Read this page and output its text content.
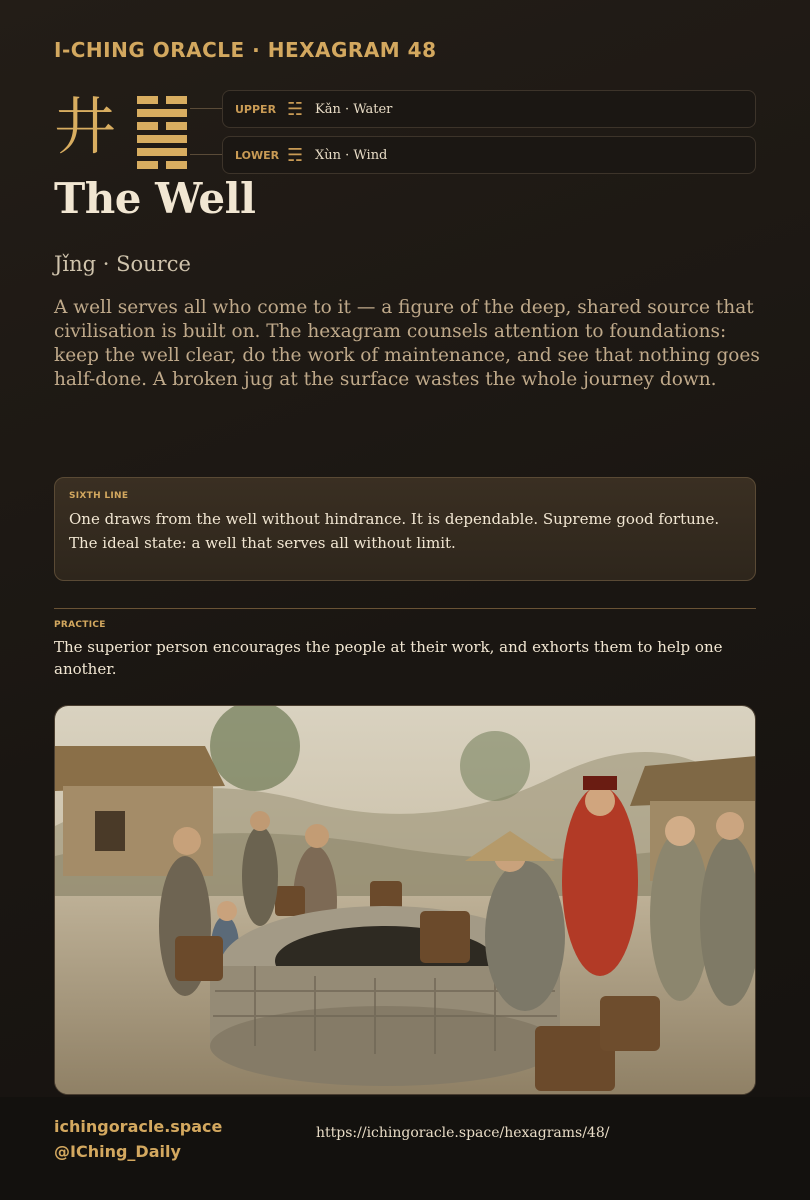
I-CHING ORACLE · HEXAGRAM 48
井	UPPER ☵ Kǎn · Water
LOWER ☴ Xùn · Wind
The Well
Jǐng · Source

A well serves all who come to it — a figure of the deep, shared source that civilisation is built on. The hexagram counsels attention to foundations: keep the well clear, do the work of maintenance, and see that nothing goes half-done. A broken jug at the surface wastes the whole journey down.

SIXTH LINE
One draws from the well without hindrance. It is dependable. Supreme good fortune. The ideal state: a well that serves all without limit.
PRACTICE
The superior person encourages the people at their work, and exhorts them to help one another.
ichingoracle.space
@IChing_Daily
https://ichingoracle.space/hexagrams/48/
